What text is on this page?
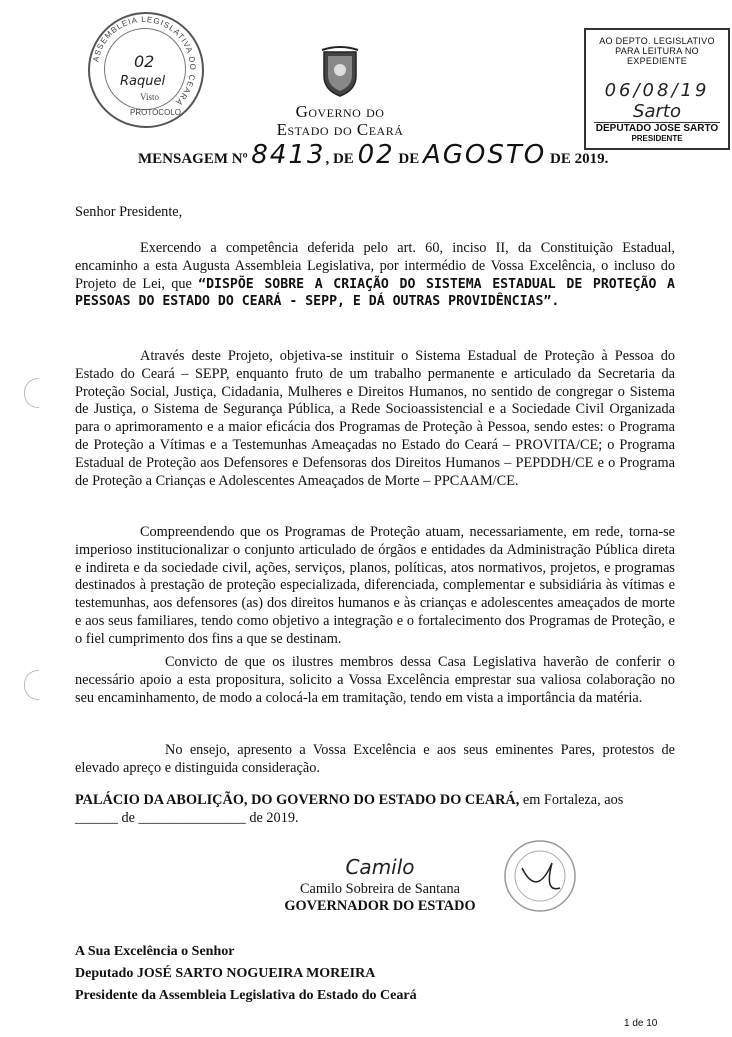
ASSEMBLEIA LEGISLATIVA DO CEARÁ
02
Raquel
Visto
PROTOCOLO
AO DEPTO. LEGISLATIVO
PARA LEITURA NO EXPEDIENTE
06/08/19
Sarto
DEPUTADO JOSÉ SARTO
PRESIDENTE
Governo do
Estado do Ceará
MENSAGEM Nº 8413, DE 02 DE AGOSTO DE 2019.

Senhor Presidente,

Exercendo a competência deferida pelo art. 60, inciso II, da Constituição Estadual, encaminho a esta Augusta Assembleia Legislativa, por intermédio de Vossa Excelência, o incluso do Projeto de Lei, que “DISPÕE SOBRE A CRIAÇÃO DO SISTEMA ESTADUAL DE PROTEÇÃO A PESSOAS DO ESTADO DO CEARÁ - SEPP, E DÁ OUTRAS PROVIDÊNCIAS”.

Através deste Projeto, objetiva-se instituir o Sistema Estadual de Proteção à Pessoa do Estado do Ceará – SEPP, enquanto fruto de um trabalho permanente e articulado da Secretaria da Proteção Social, Justiça, Cidadania, Mulheres e Direitos Humanos, no sentido de congregar o Sistema de Justiça, o Sistema de Segurança Pública, a Rede Socioassistencial e a Sociedade Civil Organizada para o aprimoramento e a maior eficácia dos Programas de Proteção à Pessoa, sendo estes: o Programa de Proteção a Vítimas e a Testemunhas Ameaçadas no Estado do Ceará – PROVITA/CE; o Programa Estadual de Proteção aos Defensores e Defensoras dos Direitos Humanos – PEPDDH/CE e o Programa de Proteção a Crianças e Adolescentes Ameaçados de Morte – PPCAAM/CE.

Compreendendo que os Programas de Proteção atuam, necessariamente, em rede, torna-se imperioso institucionalizar o conjunto articulado de órgãos e entidades da Administração Pública direta e indireta e da sociedade civil, ações, serviços, planos, políticas, atos normativos, projetos, e programas destinados à prestação de proteção especializada, diferenciada, complementar e subsidiária às vítimas e testemunhas, aos defensores (as) dos direitos humanos e às crianças e adolescentes ameaçados de morte e aos seus familiares, tendo como objetivo a integração e o fortalecimento dos Programas de Proteção, e o fiel cumprimento dos fins a que se destinam.

Convicto de que os ilustres membros dessa Casa Legislativa haverão de conferir o necessário apoio a esta propositura, solicito a Vossa Excelência emprestar sua valiosa colaboração no seu encaminhamento, de modo a colocá-la em tramitação, tendo em vista a importância da matéria.

No ensejo, apresento a Vossa Excelência e aos seus eminentes Pares, protestos de elevado apreço e distinguida consideração.

PALÁCIO DA ABOLIÇÃO, DO GOVERNO DO ESTADO DO CEARÁ, em Fortaleza, aos

______ de _______________ de 2019.

Camilo
Camilo Sobreira de Santana
GOVERNADOR DO ESTADO
A Sua Excelência o Senhor
Deputado JOSÉ SARTO NOGUEIRA MOREIRA
Presidente da Assembleia Legislativa do Estado do Ceará
1 de 10
